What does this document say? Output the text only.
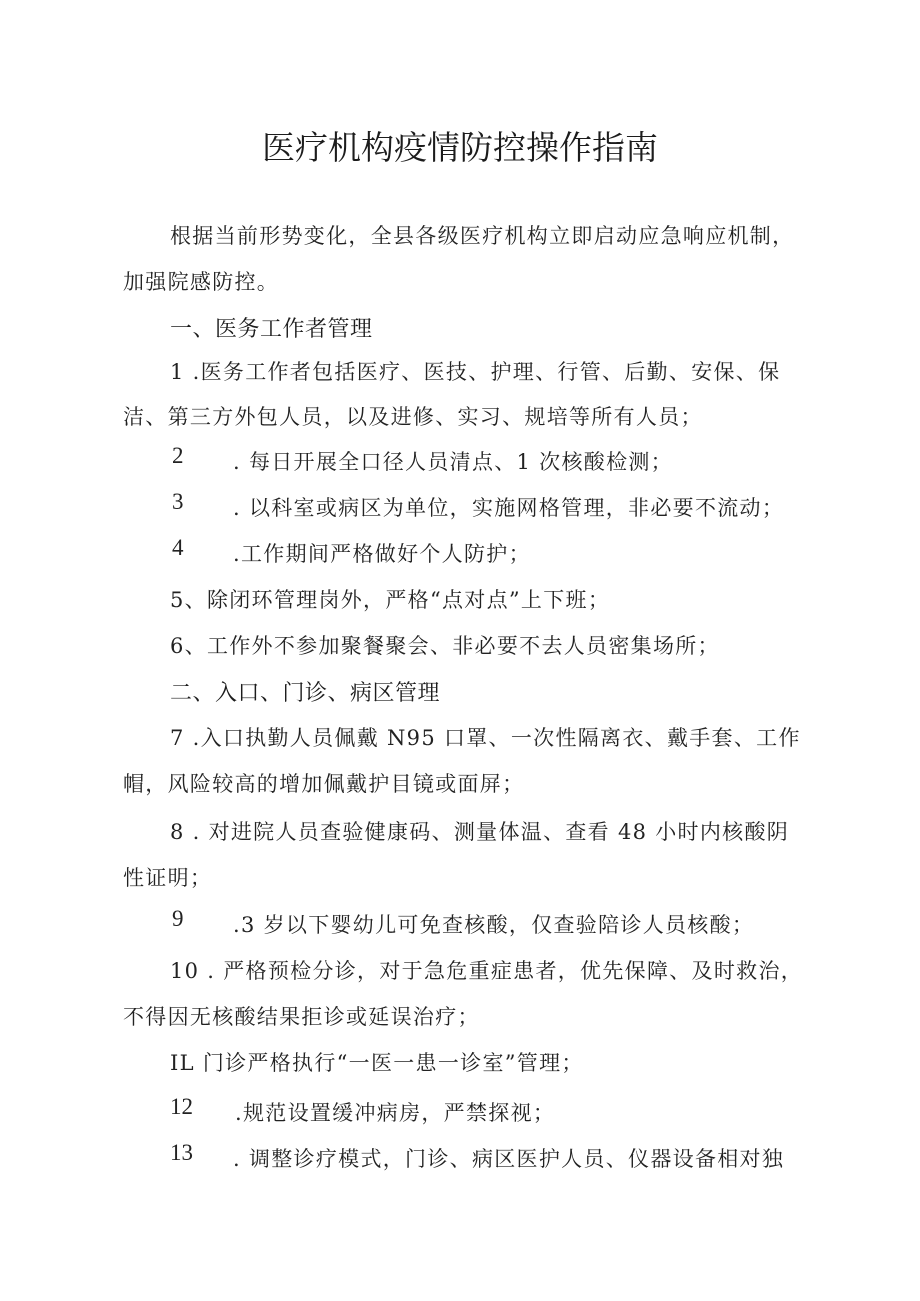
医疗机构疫情防控操作指南
根据当前形势变化，全县各级医疗机构立即启动应急响应机制，
加强院感防控。
一、医务工作者管理
1 .医务工作者包括医疗、医技、护理、行管、后勤、安保、保
洁、第三方外包人员，以及进修、实习、规培等所有人员；
2 . 每日开展全口径人员清点、1 次核酸检测；
3 . 以科室或病区为单位，实施网格管理，非必要不流动；
4 .工作期间严格做好个人防护；
5、除闭环管理岗外，严格“点对点”上下班；
6、工作外不参加聚餐聚会、非必要不去人员密集场所；
二、入口、门诊、病区管理
7 .入口执勤人员佩戴 N95 口罩、一次性隔离衣、戴手套、工作
帽，风险较高的增加佩戴护目镜或面屏；
8 . 对进院人员查验健康码、测量体温、查看 48 小时内核酸阴
性证明；
9 .3 岁以下婴幼儿可免查核酸，仅查验陪诊人员核酸；
10 . 严格预检分诊，对于急危重症患者，优先保障、及时救治，
不得因无核酸结果拒诊或延误治疗；
IL 门诊严格执行“一医一患一诊室”管理；
12 .规范设置缓冲病房，严禁探视；
13 . 调整诊疗模式，门诊、病区医护人员、仪器设备相对独
